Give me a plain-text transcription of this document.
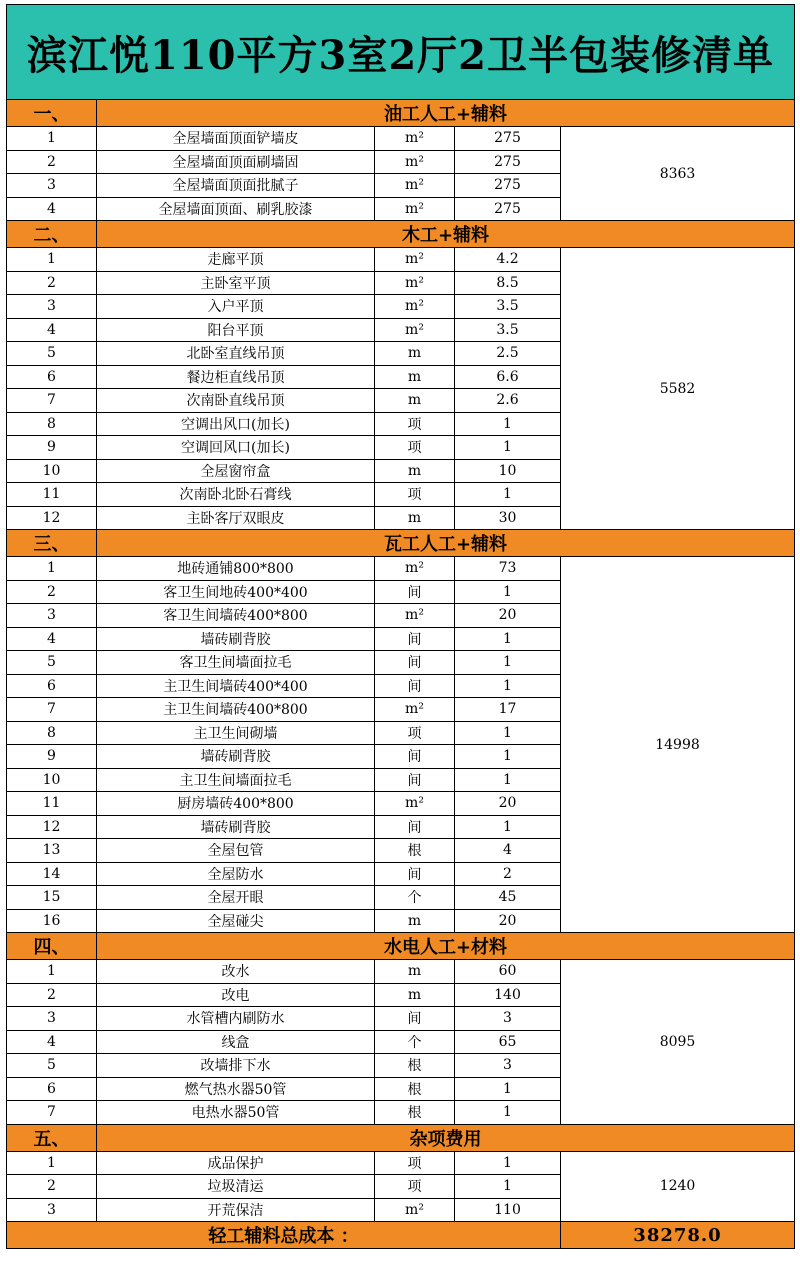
滨江悦110平方3室2厅2卫半包装修清单				
一、	油工人工+辅料			
1	全屋墙面顶面铲墙皮	m²	275	8363
2	全屋墙面顶面刷墙固	m²	275	
3	全屋墙面顶面批腻子	m²	275	
4	全屋墙面顶面、刷乳胶漆	m²	275	
二、	木工+辅料			
1	走廊平顶	m²	4.2	5582
2	主卧室平顶	m²	8.5	
3	入户平顶	m²	3.5	
4	阳台平顶	m²	3.5	
5	北卧室直线吊顶	m	2.5	
6	餐边柜直线吊顶	m	6.6	
7	次南卧直线吊顶	m	2.6	
8	空调出风口(加长)	项	1	
9	空调回风口(加长)	项	1	
10	全屋窗帘盒	m	10	
11	次南卧北卧石膏线	项	1	
12	主卧客厅双眼皮	m	30	
三、	瓦工人工+辅料			
1	地砖通铺800*800	m²	73	14998
2	客卫生间地砖400*400	间	1	
3	客卫生间墙砖400*800	m²	20	
4	墙砖刷背胶	间	1	
5	客卫生间墙面拉毛	间	1	
6	主卫生间墙砖400*400	间	1	
7	主卫生间墙砖400*800	m²	17	
8	主卫生间砌墙	项	1	
9	墙砖刷背胶	间	1	
10	主卫生间墙面拉毛	间	1	
11	厨房墙砖400*800	m²	20	
12	墙砖刷背胶	间	1	
13	全屋包管	根	4	
14	全屋防水	间	2	
15	全屋开眼	个	45	
16	全屋碰尖	m	20	
四、	水电人工+材料			
1	改水	m	60	8095
2	改电	m	140	
3	水管槽内刷防水	间	3	
4	线盒	个	65	
5	改墙排下水	根	3	
6	燃气热水器50管	根	1	
7	电热水器50管	根	1	
五、	杂项费用			
1	成品保护	项	1	1240
2	垃圾清运	项	1	
3	开荒保洁	m²	110	
轻工辅料总成本 ：				38278.0
